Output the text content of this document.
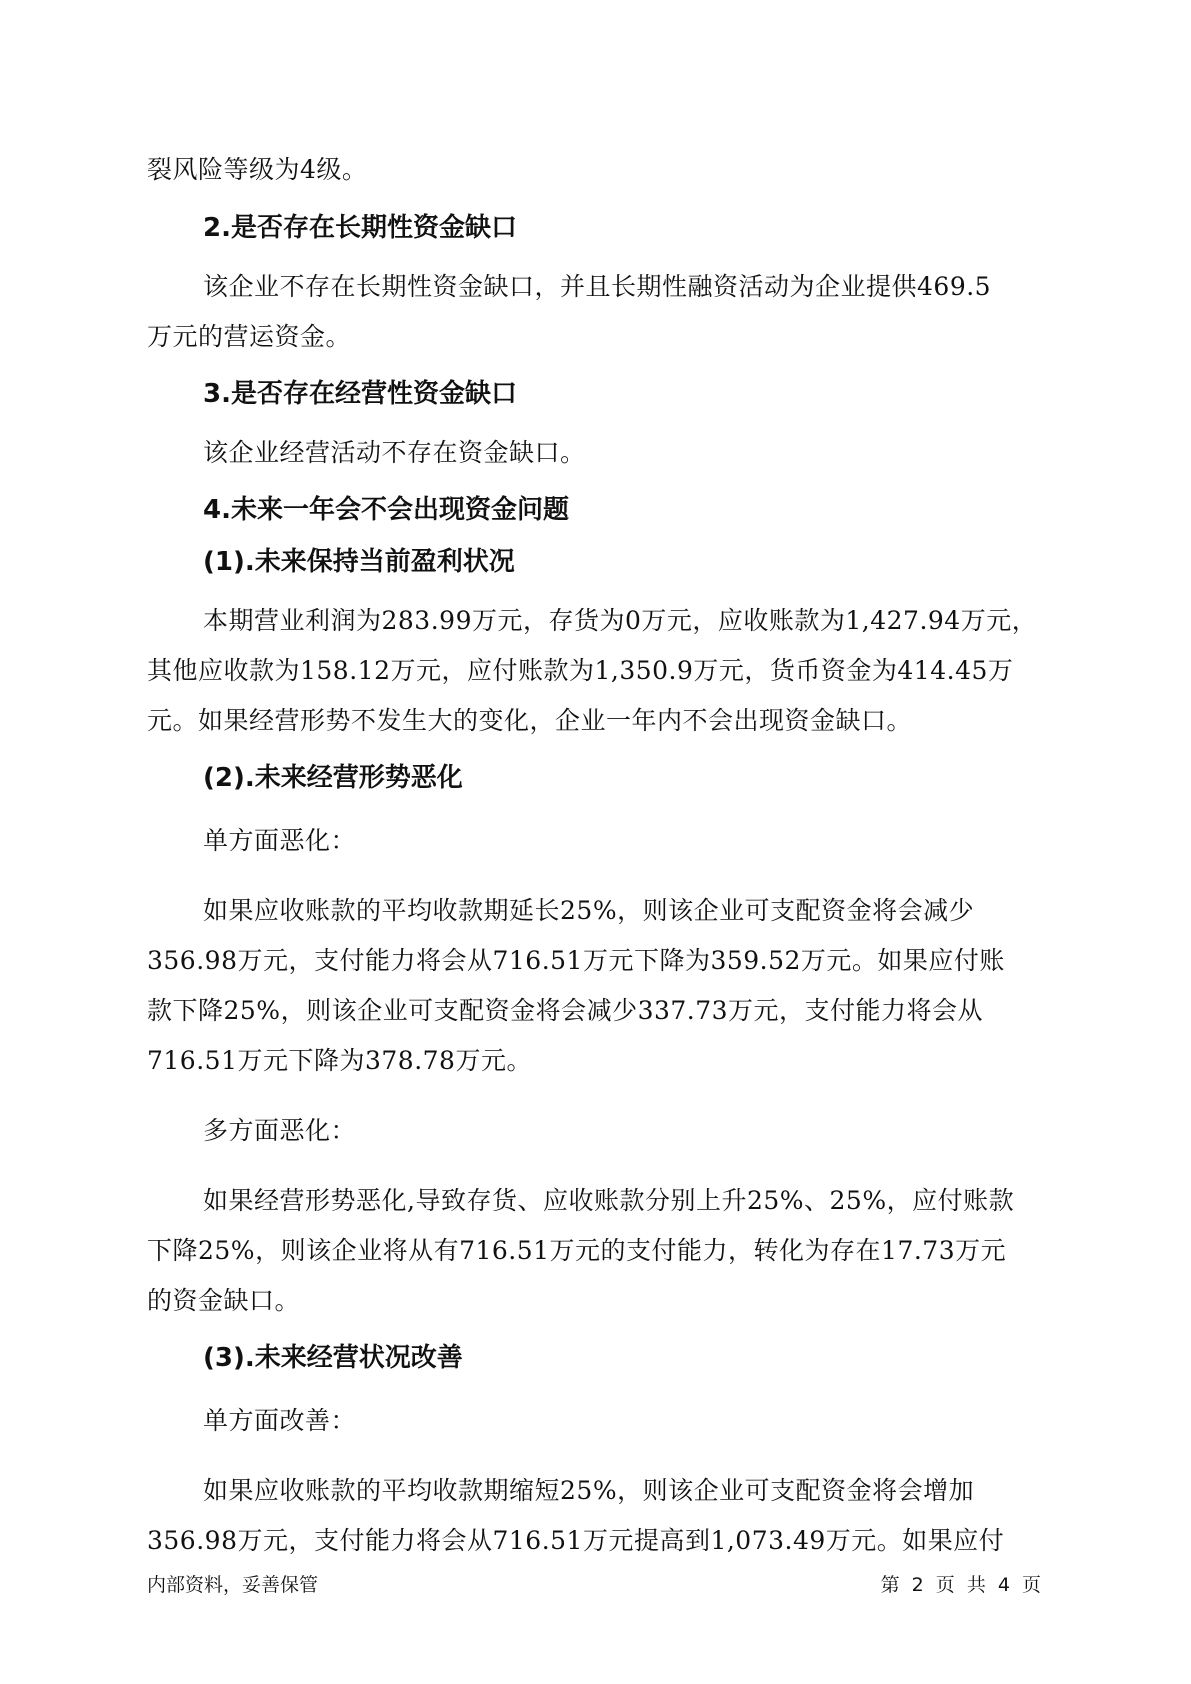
裂风险等级为4级。
2.是否存在长期性资金缺口
该企业不存在长期性资金缺口，并且长期性融资活动为企业提供469.5
万元的营运资金。
3.是否存在经营性资金缺口
该企业经营活动不存在资金缺口。
4.未来一年会不会出现资金问题
(1).未来保持当前盈利状况
本期营业利润为283.99万元，存货为0万元，应收账款为1,427.94万元，
其他应收款为158.12万元，应付账款为1,350.9万元，货币资金为414.45万
元。如果经营形势不发生大的变化，企业一年内不会出现资金缺口。
(2).未来经营形势恶化
单方面恶化：
如果应收账款的平均收款期延长25%，则该企业可支配资金将会减少
356.98万元，支付能力将会从716.51万元下降为359.52万元。如果应付账
款下降25%，则该企业可支配资金将会减少337.73万元，支付能力将会从
716.51万元下降为378.78万元。
多方面恶化：
如果经营形势恶化,导致存货、应收账款分别上升25%、25%，应付账款
下降25%，则该企业将从有716.51万元的支付能力，转化为存在17.73万元
的资金缺口。
(3).未来经营状况改善
单方面改善：
如果应收账款的平均收款期缩短25%，则该企业可支配资金将会增加
356.98万元，支付能力将会从716.51万元提高到1,073.49万元。如果应付
内部资料，妥善保管	第 2 页 共 4 页
